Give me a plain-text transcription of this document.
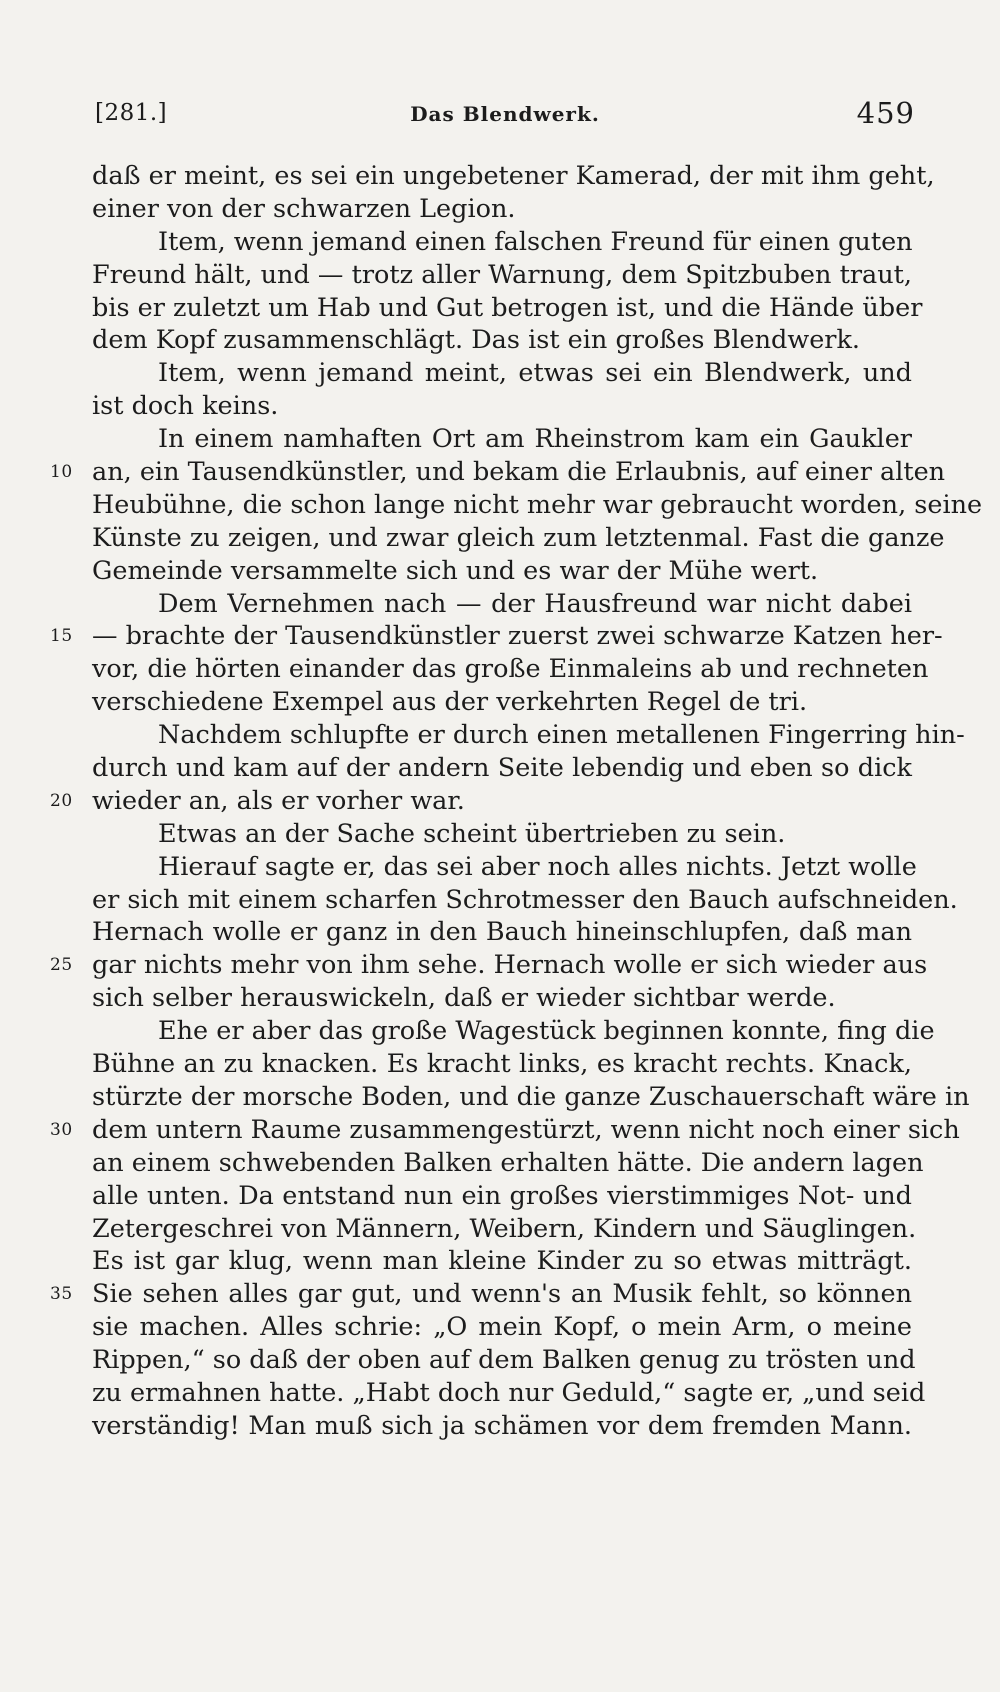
[281.]	Das Blendwerk.	459
daß er meint, es sei ein ungebetener Kamerad, der mit ihm geht,
einer von der schwarzen Legion.
Item, wenn jemand einen falschen Freund für einen guten
Freund hält, und — trotz aller Warnung, dem Spitzbuben traut,
bis er zuletzt um Hab und Gut betrogen ist, und die Hände über
dem Kopf zusammenschlägt. Das ist ein großes Blendwerk.
Item, wenn jemand meint, etwas sei ein Blendwerk, und
ist doch keins.
In einem namhaften Ort am Rheinstrom kam ein Gaukler
10 an, ein Tausendkünstler, und bekam die Erlaubnis, auf einer alten
Heubühne, die schon lange nicht mehr war gebraucht worden, seine
Künste zu zeigen, und zwar gleich zum letztenmal. Fast die ganze
Gemeinde versammelte sich und es war der Mühe wert.
Dem Vernehmen nach — der Hausfreund war nicht dabei
15 — brachte der Tausendkünstler zuerst zwei schwarze Katzen her-
vor, die hörten einander das große Einmaleins ab und rechneten
verschiedene Exempel aus der verkehrten Regel de tri.
Nachdem schlupfte er durch einen metallenen Fingerring hin-
durch und kam auf der andern Seite lebendig und eben so dick
20 wieder an, als er vorher war.
Etwas an der Sache scheint übertrieben zu sein.
Hierauf sagte er, das sei aber noch alles nichts. Jetzt wolle
er sich mit einem scharfen Schrotmesser den Bauch aufschneiden.
Hernach wolle er ganz in den Bauch hineinschlupfen, daß man
25 gar nichts mehr von ihm sehe. Hernach wolle er sich wieder aus
sich selber herauswickeln, daß er wieder sichtbar werde.
Ehe er aber das große Wagestück beginnen konnte, fing die
Bühne an zu knacken. Es kracht links, es kracht rechts. Knack,
stürzte der morsche Boden, und die ganze Zuschauerschaft wäre in
30 dem untern Raume zusammengestürzt, wenn nicht noch einer sich
an einem schwebenden Balken erhalten hätte. Die andern lagen
alle unten. Da entstand nun ein großes vierstimmiges Not- und
Zetergeschrei von Männern, Weibern, Kindern und Säuglingen.
Es ist gar klug, wenn man kleine Kinder zu so etwas mitträgt.
35 Sie sehen alles gar gut, und wenn's an Musik fehlt, so können
sie machen. Alles schrie: „O mein Kopf, o mein Arm, o meine
Rippen,“ so daß der oben auf dem Balken genug zu trösten und
zu ermahnen hatte. „Habt doch nur Geduld,“ sagte er, „und seid
verständig! Man muß sich ja schämen vor dem fremden Mann.
